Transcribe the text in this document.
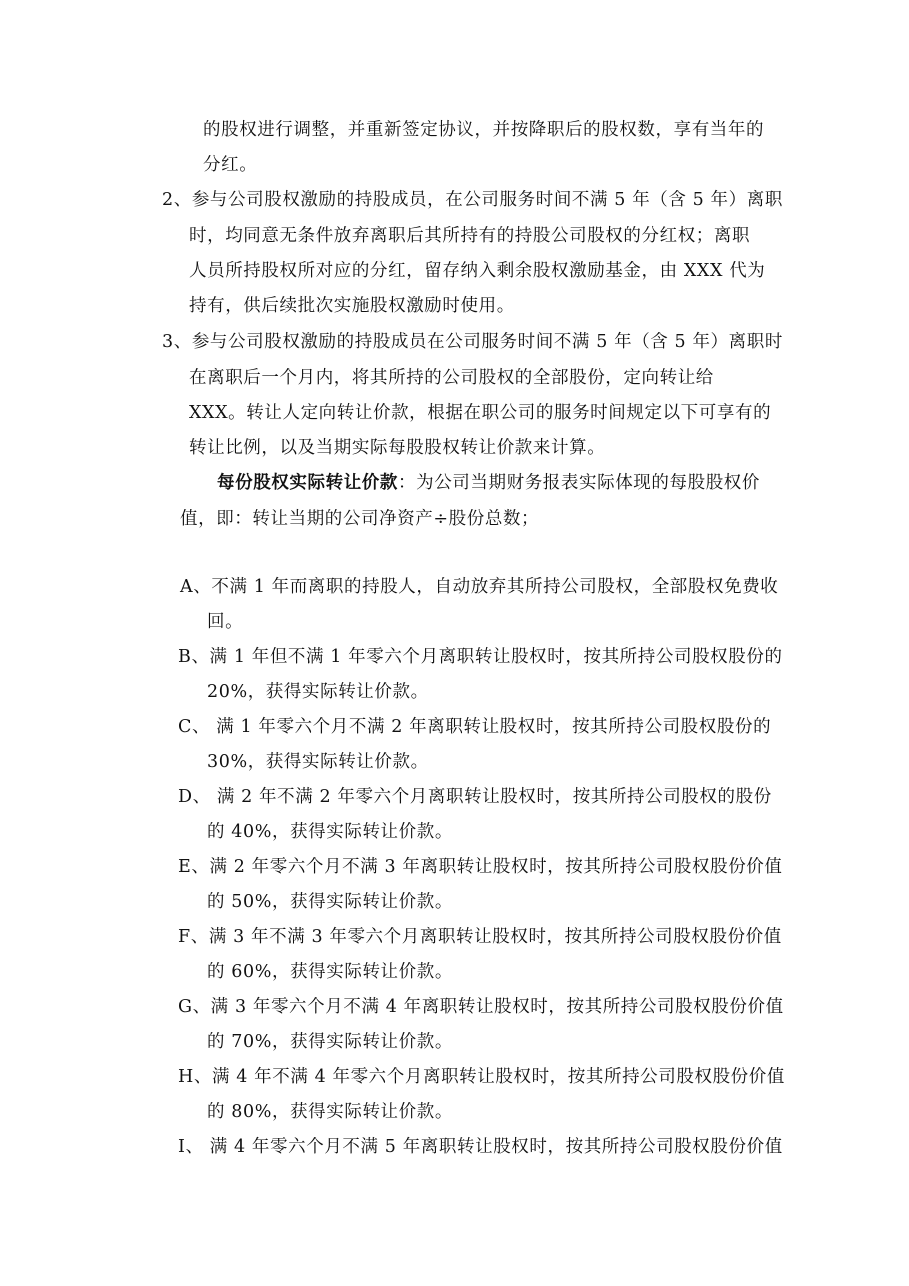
的股权进行调整，并重新签定协议，并按降职后的股权数，享有当年的
分红。
2、参与公司股权激励的持股成员，在公司服务时间不满 5 年（含 5 年）离职
时，均同意无条件放弃离职后其所持有的持股公司股权的分红权；离职
人员所持股权所对应的分红，留存纳入剩余股权激励基金，由 XXX 代为
持有，供后续批次实施股权激励时使用。
3、参与公司股权激励的持股成员在公司服务时间不满 5 年（含 5 年）离职时
在离职后一个月内，将其所持的公司股权的全部股份，定向转让给
XXX。转让人定向转让价款，根据在职公司的服务时间规定以下可享有的
转让比例，以及当期实际每股股权转让价款来计算。
每份股权实际转让价款：为公司当期财务报表实际体现的每股股权价
值，即：转让当期的公司净资产÷股份总数；
A、不满 1 年而离职的持股人，自动放弃其所持公司股权，全部股权免费收
回。
B、满 1 年但不满 1 年零六个月离职转让股权时，按其所持公司股权股份的
20%，获得实际转让价款。
C、 满 1 年零六个月不满 2 年离职转让股权时，按其所持公司股权股份的
30%，获得实际转让价款。
D、 满 2 年不满 2 年零六个月离职转让股权时，按其所持公司股权的股份
的 40%，获得实际转让价款。
E、满 2 年零六个月不满 3 年离职转让股权时，按其所持公司股权股份价值
的 50%，获得实际转让价款。
F、满 3 年不满 3 年零六个月离职转让股权时，按其所持公司股权股份价值
的 60%，获得实际转让价款。
G、满 3 年零六个月不满 4 年离职转让股权时，按其所持公司股权股份价值
的 70%，获得实际转让价款。
H、满 4 年不满 4 年零六个月离职转让股权时，按其所持公司股权股份价值
的 80%，获得实际转让价款。
I、 满 4 年零六个月不满 5 年离职转让股权时，按其所持公司股权股份价值
